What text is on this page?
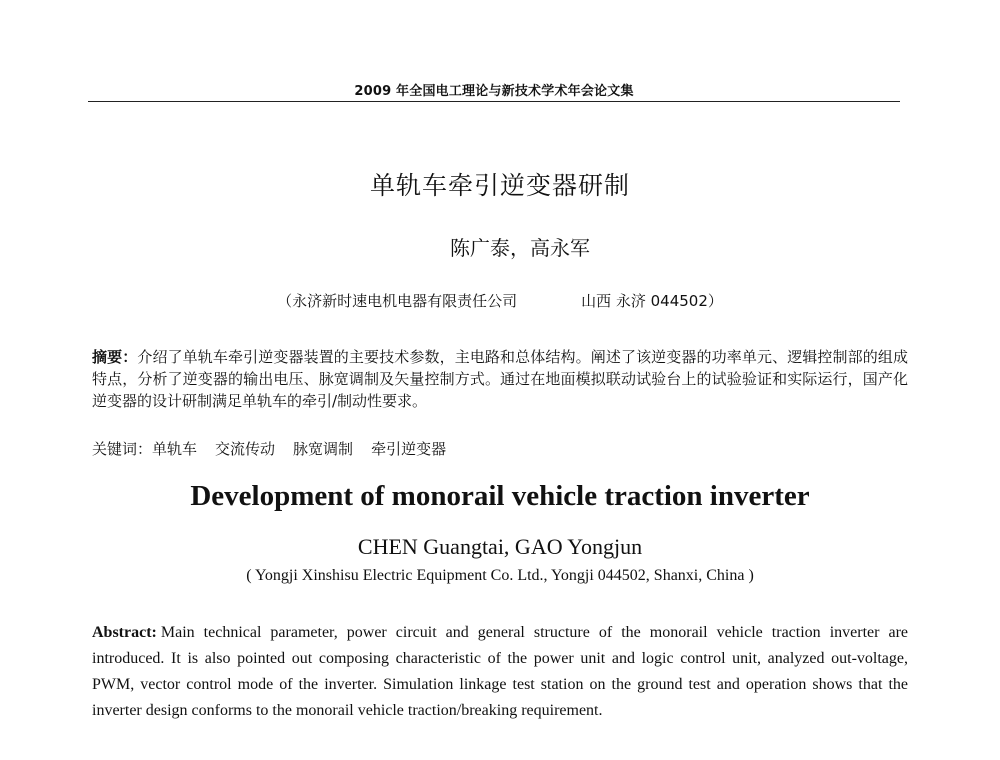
2009 年全国电工理论与新技术学术年会论文集
单轨车牵引逆变器研制
陈广泰，高永军
（永济新时速电机电器有限责任公司	山西 永济 044502）
摘要：介绍了单轨车牵引逆变器装置的主要技术参数，主电路和总体结构。阐述了该逆变器的功率单元、逻辑控制部的组成特点，分析了逆变器的输出电压、脉宽调制及矢量控制方式。通过在地面模拟联动试验台上的试验验证和实际运行，国产化逆变器的设计研制满足单轨车的牵引/制动性要求。
关键词：单轨车 交流传动 脉宽调制 牵引逆变器
Development of monorail vehicle traction inverter
CHEN Guangtai, GAO Yongjun
( Yongji Xinshisu Electric Equipment Co. Ltd., Yongji 044502, Shanxi, China )
Abstract: Main technical parameter, power circuit and general structure of the monorail vehicle traction inverter are introduced. It is also pointed out composing characteristic of the power unit and logic control unit, analyzed out-voltage, PWM, vector control mode of the inverter. Simulation linkage test station on the ground test and operation shows that the inverter design conforms to the monorail vehicle traction/breaking requirement.
